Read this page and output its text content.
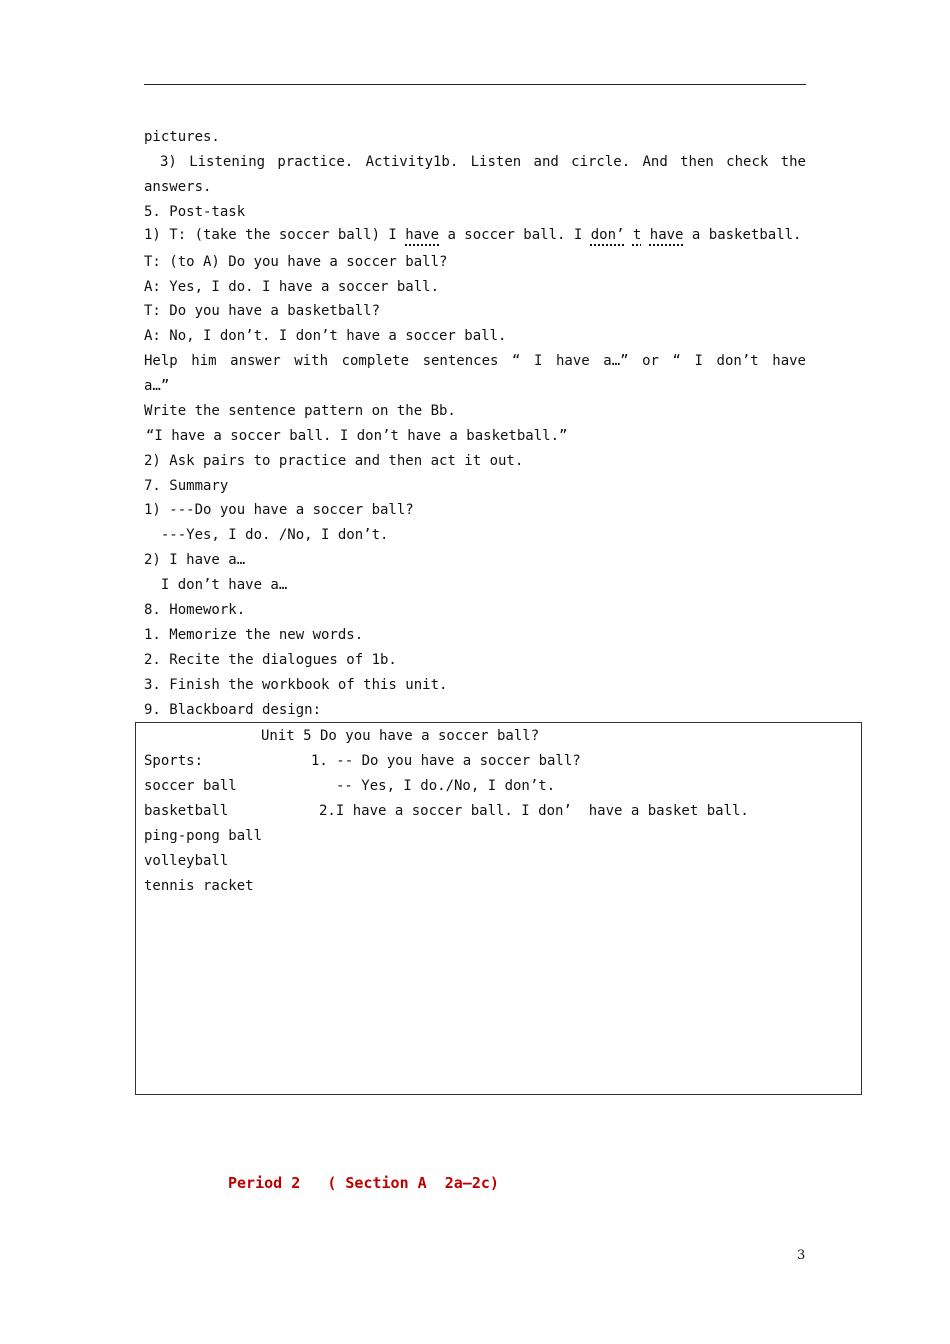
pictures.
3) Listening practice. Activity1b. Listen and circle. And then check the
answers.
5. Post-task
1) T: (take the soccer ball) I have a soccer ball. I don’ t have a basketball.
T: (to A) Do you have a soccer ball?
A: Yes, I do. I have a soccer ball.
T: Do you have a basketball?
A: No, I don’t. I don’t have a soccer ball.
Help him answer with complete sentences “ I have a…” or “ I don’t have
a…”
Write the sentence pattern on the Bb.
“I have a soccer ball. I don’t have a basketball.”
2) Ask pairs to practice and then act it out.
7. Summary
1) ---Do you have a soccer ball?
---Yes, I do. /No, I don’t.
2) I have a…
I don’t have a…
8. Homework.
1. Memorize the new words.
2. Recite the dialogues of 1b.
3. Finish the workbook of this unit.
9. Blackboard design:
Unit 5 Do you have a soccer ball?
Sports:	1. -- Do you have a soccer ball?
soccer ball	-- Yes, I do./No, I don’t.
basketball	2.I have a soccer ball. I don’  have a basket ball.
ping-pong ball
volleyball
tennis racket
Period 2   ( Section A  2a—2c)
3
